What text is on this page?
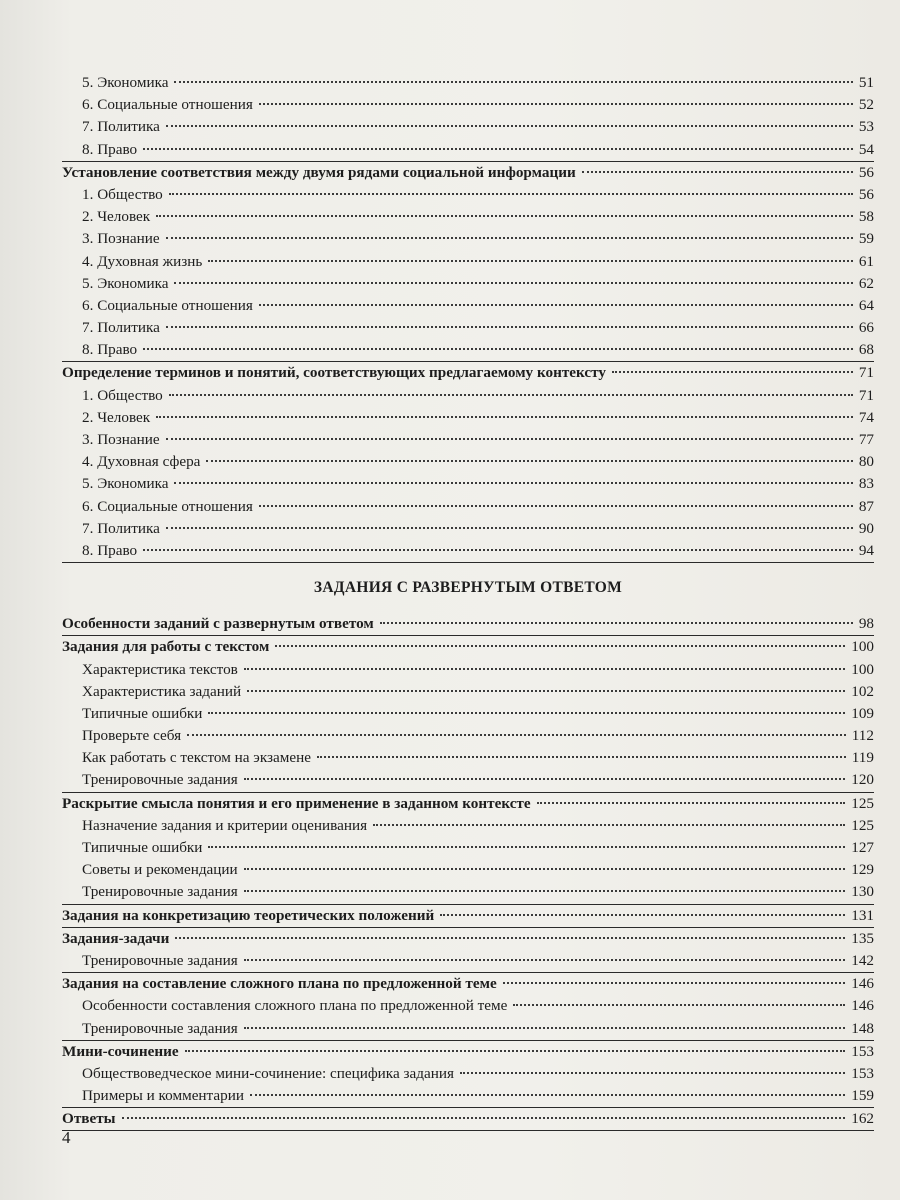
5. Экономика	51
6. Социальные отношения	52
7. Политика	53
8. Право	54
Установление соответствия между двумя рядами социальной информации	56
1. Общество	56
2. Человек	58
3. Познание	59
4. Духовная жизнь	61
5. Экономика	62
6. Социальные отношения	64
7. Политика	66
8. Право	68
Определение терминов и понятий, соответствующих предлагаемому контексту	71
1. Общество	71
2. Человек	74
3. Познание	77
4. Духовная сфера	80
5. Экономика	83
6. Социальные отношения	87
7. Политика	90
8. Право	94
ЗАДАНИЯ С РАЗВЕРНУТЫМ ОТВЕТОМ
Особенности заданий с развернутым ответом	98
Задания для работы с текстом	100
Характеристика текстов	100
Характеристика заданий	102
Типичные ошибки	109
Проверьте себя	112
Как работать с текстом на экзамене	119
Тренировочные задания	120
Раскрытие смысла понятия и его применение в заданном контексте	125
Назначение задания и критерии оценивания	125
Типичные ошибки	127
Советы и рекомендации	129
Тренировочные задания	130
Задания на конкретизацию теоретических положений	131
Задания-задачи	135
Тренировочные задания	142
Задания на составление сложного плана по предложенной теме	146
Особенности составления сложного плана по предложенной теме	146
Тренировочные задания	148
Мини-сочинение	153
Обществоведческое мини-сочинение: специфика задания	153
Примеры и комментарии	159
Ответы	162
4
